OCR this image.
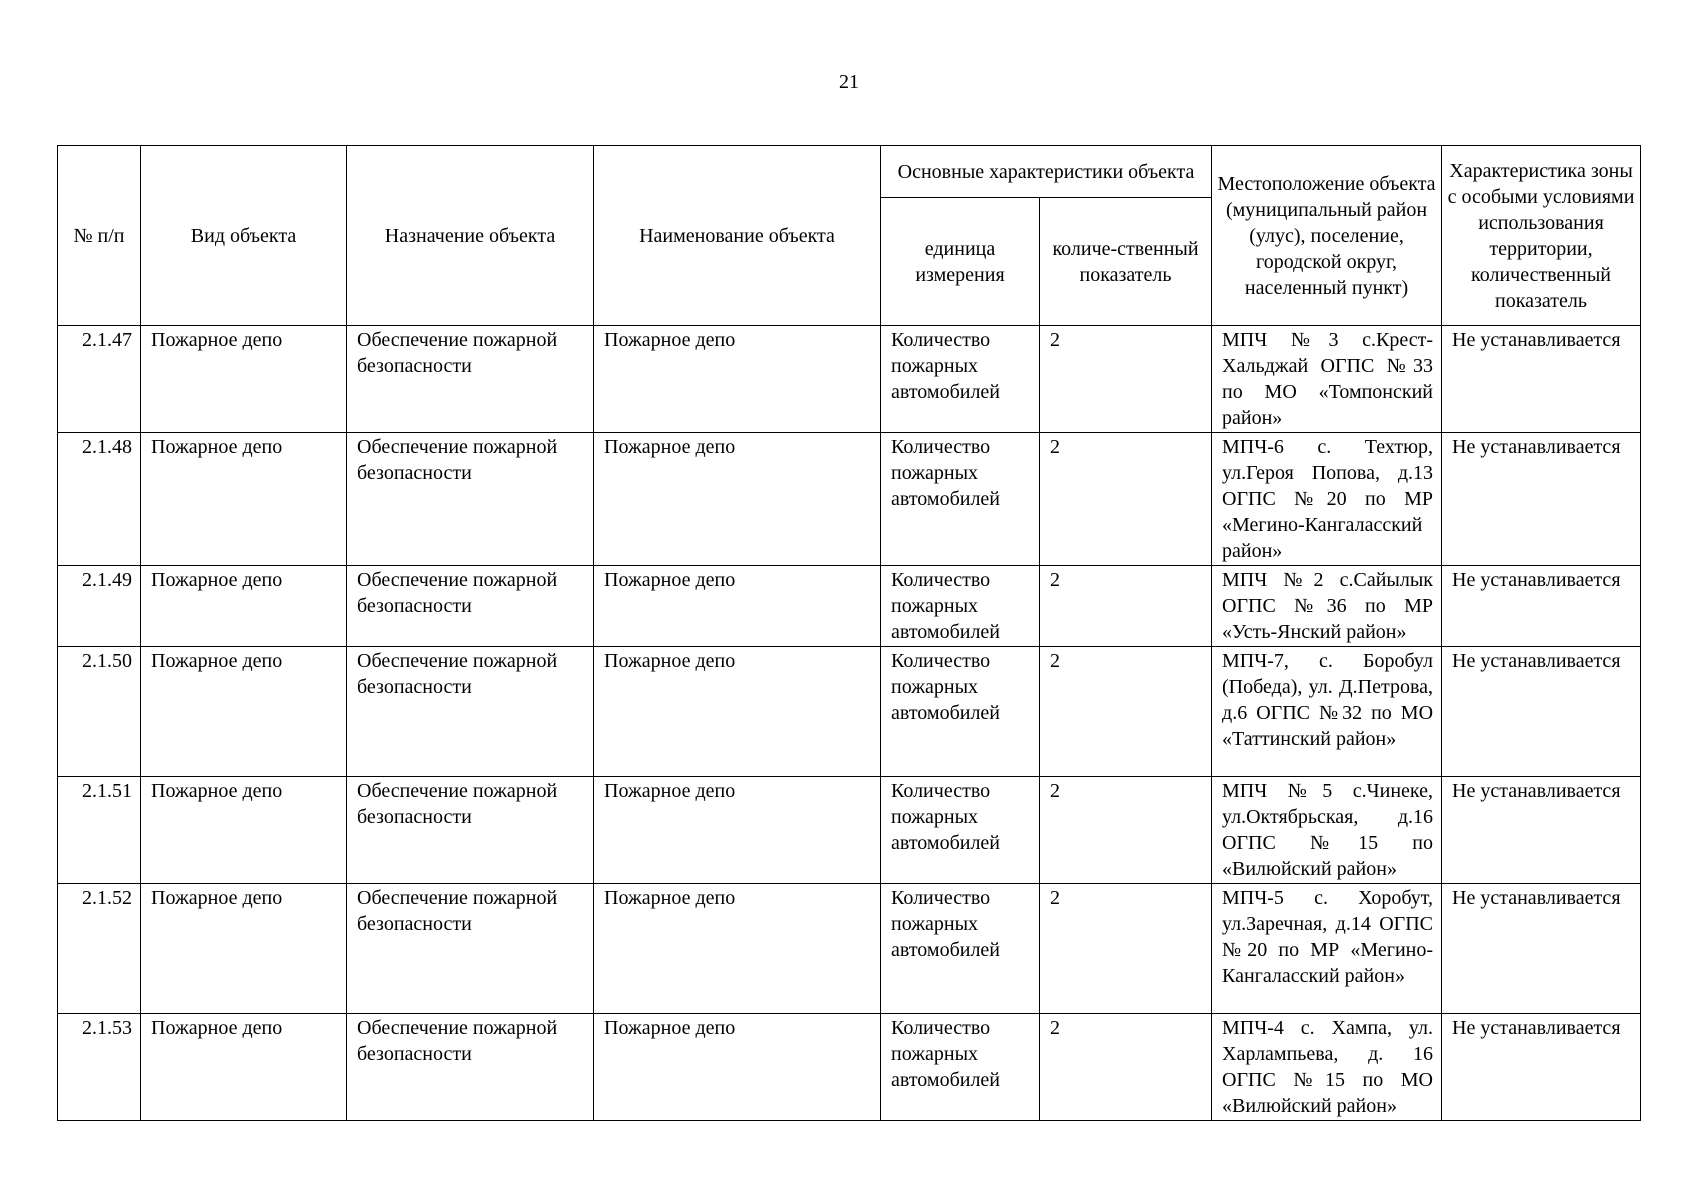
21
№ п/п	Вид объекта	Назначение объекта	Наименование объекта	Основные характеристики объекта		Местоположение объекта (муниципальный район (улус), поселение, городской округ, населенный пункт)	Характеристика зоны с особыми условиями использования территории, количественный показатель
				единица измерения	количе-ственный показатель		
2.1.47	Пожарное депо	Обеспечение пожарной безопасности	Пожарное депо	Количество пожарных автомобилей	2	МПЧ №3 с.Крест-Хальджай ОГПС №33 по МО «Томпонский район»	Не устанавливается
2.1.48	Пожарное депо	Обеспечение пожарной безопасности	Пожарное депо	Количество пожарных автомобилей	2	МПЧ-6 с. Техтюр, ул.Героя Попова, д.13 ОГПС №20 по МР «Мегино-Кангаласский район»	Не устанавливается
2.1.49	Пожарное депо	Обеспечение пожарной безопасности	Пожарное депо	Количество пожарных автомобилей	2	МПЧ №2 с.Сайылык ОГПС №36 по МР «Усть-Янский район»	Не устанавливается
2.1.50	Пожарное депо	Обеспечение пожарной безопасности	Пожарное депо	Количество пожарных автомобилей	2	МПЧ-7, с. Боробул (Победа), ул. Д.Петрова, д.6 ОГПС №32 по МО «Таттинский район»	Не устанавливается
2.1.51	Пожарное депо	Обеспечение пожарной безопасности	Пожарное депо	Количество пожарных автомобилей	2	МПЧ №5 с.Чинеке, ул.Октябрьская, д.16 ОГПС №15 по «Вилюйский район»	Не устанавливается
2.1.52	Пожарное депо	Обеспечение пожарной безопасности	Пожарное депо	Количество пожарных автомобилей	2	МПЧ-5 с. Хоробут, ул.Заречная, д.14 ОГПС №20 по МР «Мегино-Кангаласский район»	Не устанавливается
2.1.53	Пожарное депо	Обеспечение пожарной безопасности	Пожарное депо	Количество пожарных автомобилей	2	МПЧ-4 с. Хампа, ул. Харлампьева, д. 16 ОГПС №15 по МО «Вилюйский район»	Не устанавливается
